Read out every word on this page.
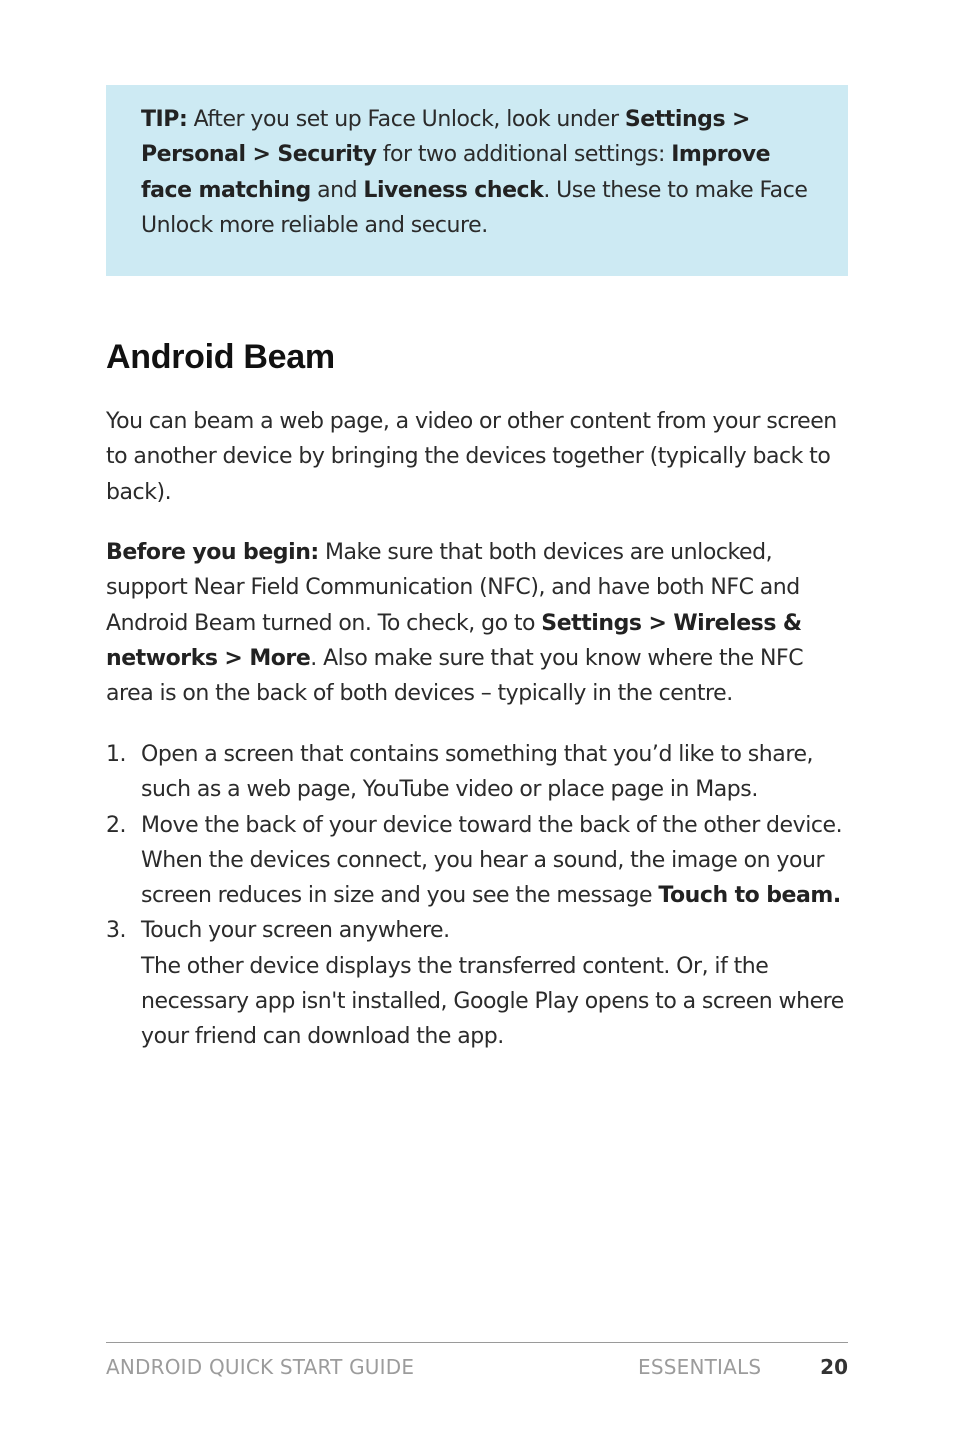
TIP: After you set up Face Unlock, look under Settings > Personal > Security for two additional settings: Improve face matching and Liveness check. Use these to make Face Unlock more reliable and secure.

Android Beam

You can beam a web page, a video or other content from your screen to another device by bringing the devices together (typically back to back).

Before you begin: Make sure that both devices are unlocked, support Near Field Communication (NFC), and have both NFC and Android Beam turned on. To check, go to Settings > Wireless & networks > More. Also make sure that you know where the NFC area is on the back of both devices – typically in the centre.

1. Open a screen that contains something that you’d like to share, such as a web page, YouTube video or place page in Maps.
2. Move the back of your device toward the back of the other device. When the devices connect, you hear a sound, the image on your screen reduces in size and you see the message Touch to beam.
3. Touch your screen anywhere.
The other device displays the transferred content. Or, if the necessary app isn't installed, Google Play opens to a screen where your friend can download the app.
ANDROID QUICK START GUIDE	ESSENTIALS	20
